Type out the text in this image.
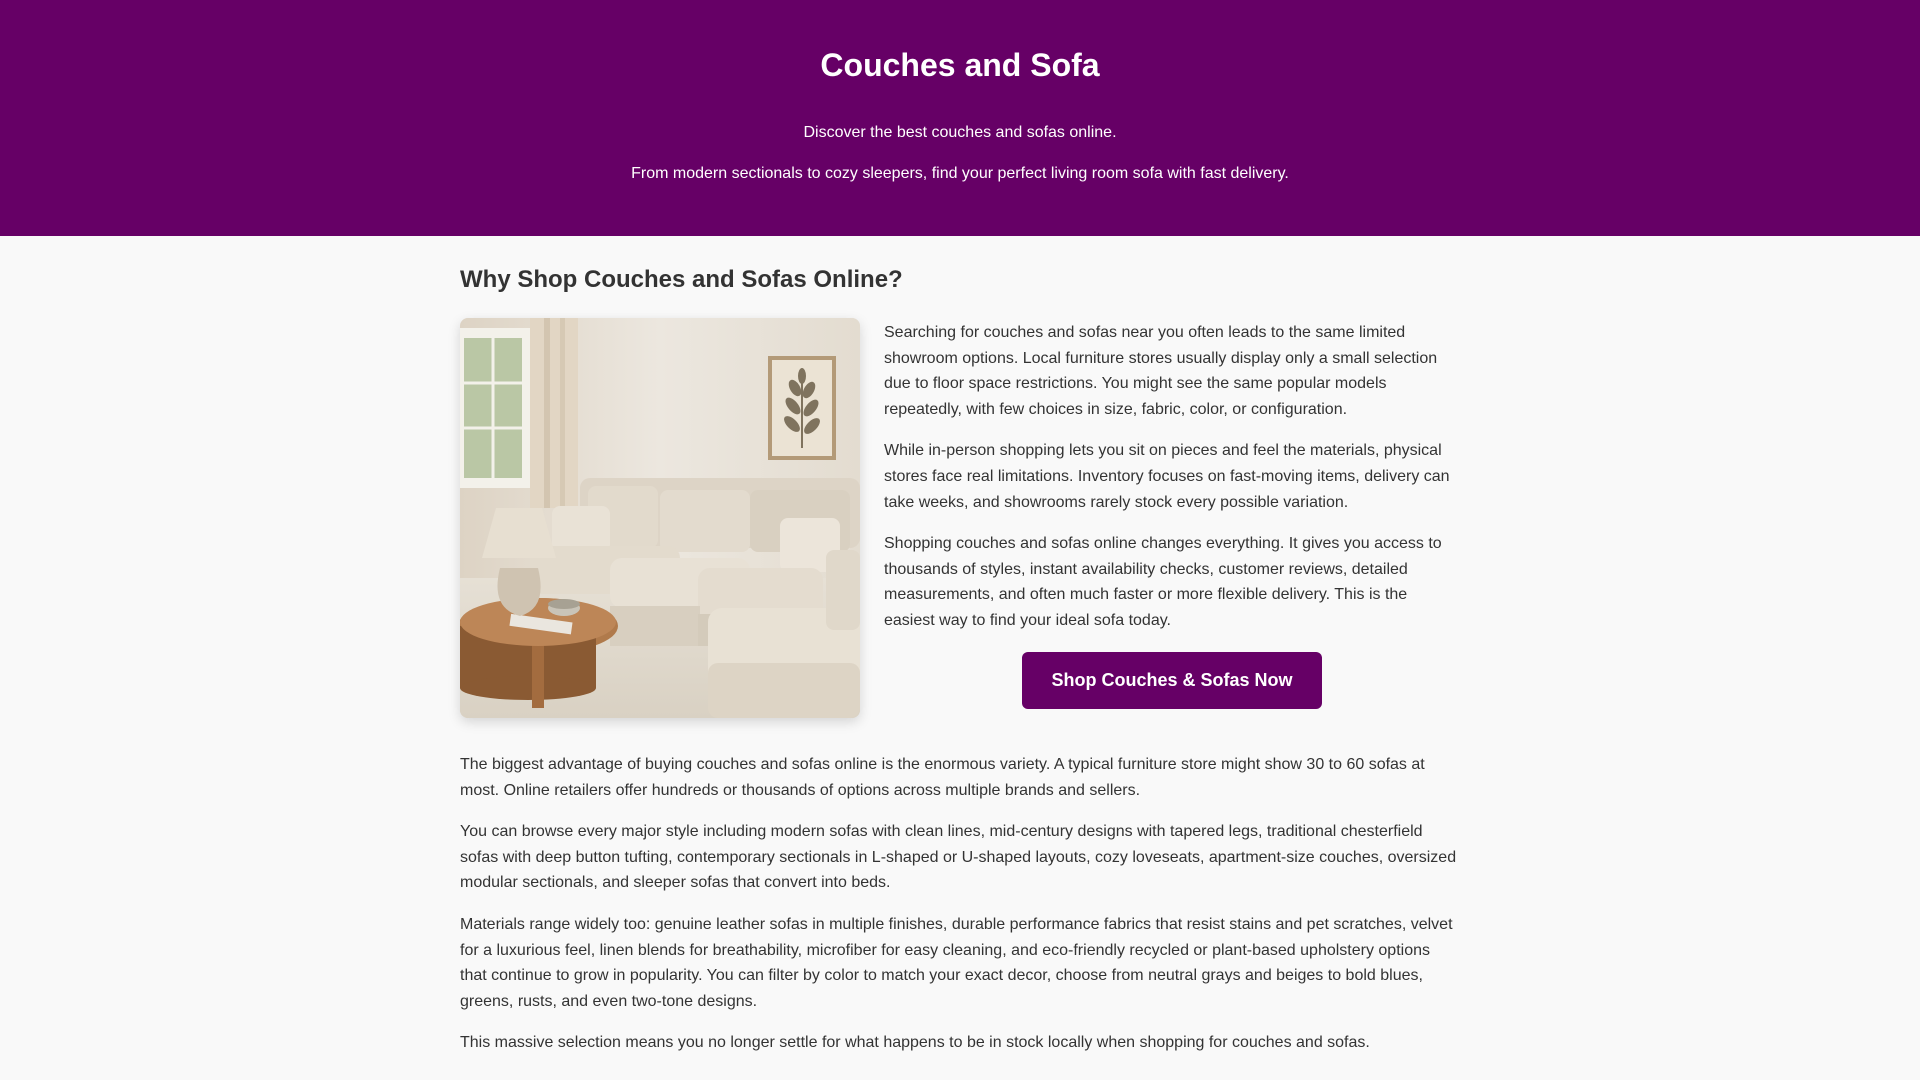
Couches and Sofa

Discover the best couches and sofas online.

From modern sectionals to cozy sleepers, find your perfect living room sofa with fast delivery.

Why Shop Couches and Sofas Online?

Searching for couches and sofas near you often leads to the same limited showroom options. Local furniture stores usually display only a small selection due to floor space restrictions. You might see the same popular models repeatedly, with few choices in size, fabric, color, or configuration.

While in-person shopping lets you sit on pieces and feel the materials, physical stores face real limitations. Inventory focuses on fast-moving items, delivery can take weeks, and showrooms rarely stock every possible variation.

Shopping couches and sofas online changes everything. It gives you access to thousands of styles, instant availability checks, customer reviews, detailed measurements, and often much faster or more flexible delivery. This is the easiest way to find your ideal sofa today.

Shop Couches & Sofas Now

The biggest advantage of buying couches and sofas online is the enormous variety. A typical furniture store might show 30 to 60 sofas at most. Online retailers offer hundreds or thousands of options across multiple brands and sellers.

You can browse every major style including modern sofas with clean lines, mid-century designs with tapered legs, traditional chesterfield sofas with deep button tufting, contemporary sectionals in L-shaped or U-shaped layouts, cozy loveseats, apartment-size couches, oversized modular sectionals, and sleeper sofas that convert into beds.

Materials range widely too: genuine leather sofas in multiple finishes, durable performance fabrics that resist stains and pet scratches, velvet for a luxurious feel, linen blends for breathability, microfiber for easy cleaning, and eco-friendly recycled or plant-based upholstery options that continue to grow in popularity. You can filter by color to match your exact decor, choose from neutral grays and beiges to bold blues, greens, rusts, and even two-tone designs.

This massive selection means you no longer settle for what happens to be in stock locally when shopping for couches and sofas.
